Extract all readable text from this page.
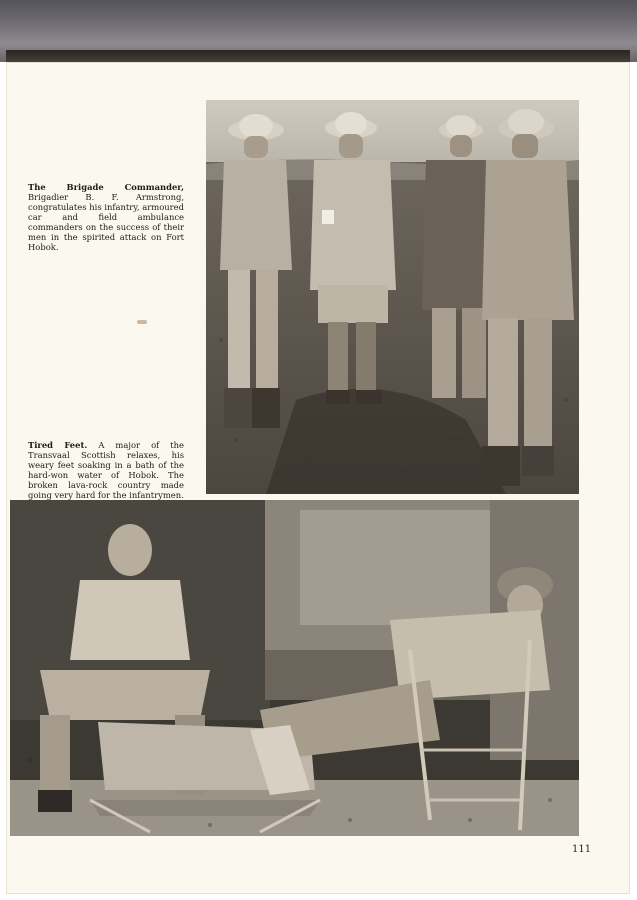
The Brigade Commander, Brigadier B. F. Armstrong, congratulates his infantry, armoured car and field ambulance commanders on the success of their men in the spirited attack on Fort Hobok.
Tired Feet. A major of the Transvaal Scottish relaxes, his weary feet soaking in a bath of the hard-won water of Hobok. The broken lava-rock country made going very hard for the infantrymen.
111
